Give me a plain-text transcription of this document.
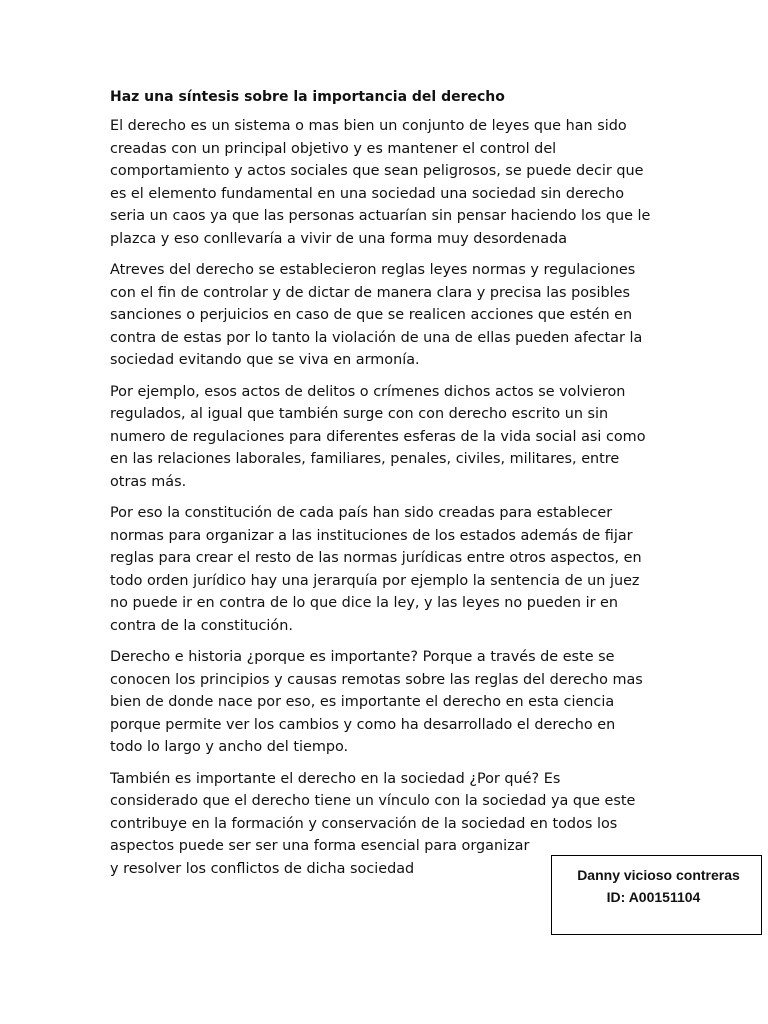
Haz una síntesis sobre la importancia del derecho
El derecho es un sistema o mas bien un conjunto de leyes que han sido
creadas con un principal objetivo y es mantener el control del
comportamiento y actos sociales que sean peligrosos, se puede decir que
es el elemento fundamental en una sociedad una sociedad sin derecho
seria un caos ya que las personas actuarían sin pensar haciendo los que le
plazca y eso conllevaría a vivir de una forma muy desordenada
Atreves del derecho se establecieron reglas leyes normas y regulaciones
con el fin de controlar y de dictar de manera clara y precisa las posibles
sanciones o perjuicios en caso de que se realicen acciones que estén en
contra de estas por lo tanto la violación de una de ellas pueden afectar la
sociedad evitando que se viva en armonía.
Por ejemplo, esos actos de delitos o crímenes dichos actos se volvieron
regulados, al igual que también surge con con derecho escrito un sin
numero de regulaciones para diferentes esferas de la vida social asi como
en las relaciones laborales, familiares, penales, civiles, militares, entre
otras más.
Por eso la constitución de cada país han sido creadas para establecer
normas para organizar a las instituciones de los estados además de fijar
reglas para crear el resto de las normas jurídicas entre otros aspectos, en
todo orden jurídico hay una jerarquía por ejemplo la sentencia de un juez
no puede ir en contra de lo que dice la ley, y las leyes no pueden ir en
contra de la constitución.
Derecho e historia ¿porque es importante? Porque a través de este se
conocen los principios y causas remotas sobre las reglas del derecho mas
bien de donde nace por eso, es importante el derecho en esta ciencia
porque permite ver los cambios y como ha desarrollado el derecho en
todo lo largo y ancho del tiempo.
También es importante el derecho en la sociedad ¿Por qué? Es
considerado que el derecho tiene un vínculo con la sociedad ya que este
contribuye en la formación y conservación de la sociedad en todos los
aspectos puede ser ser una forma esencial para organizar
y resolver los conflictos de dicha sociedad	Danny vicioso contreras
ID: A00151104
